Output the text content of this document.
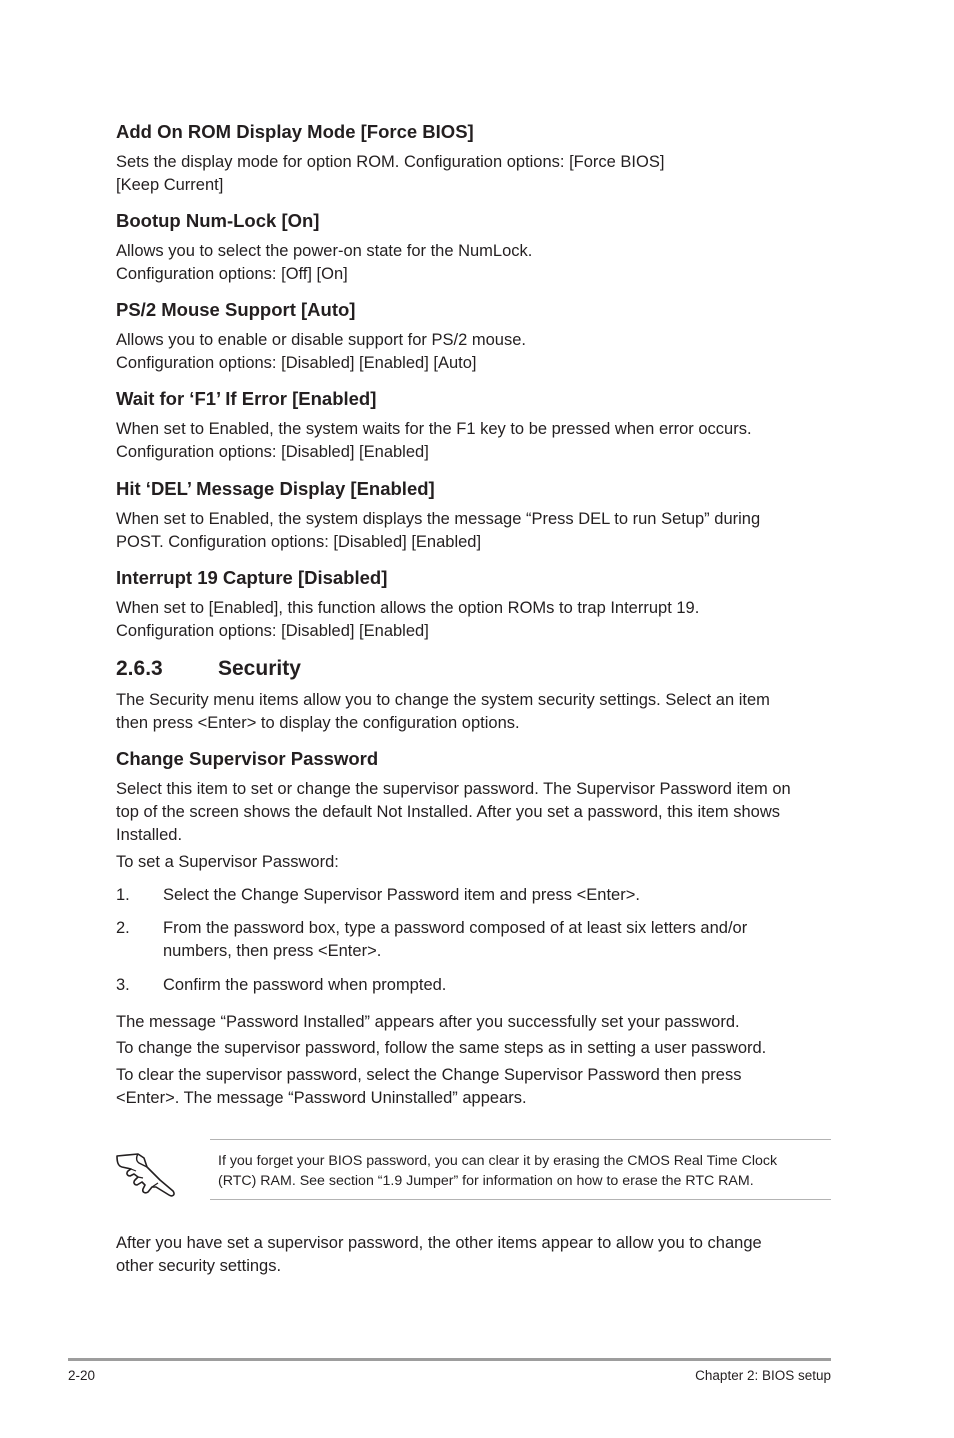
Add On ROM Display Mode [Force BIOS]
Sets the display mode for option ROM. Configuration options: [Force BIOS]
[Keep Current]
Bootup Num-Lock [On]
Allows you to select the power-on state for the NumLock.
Configuration options: [Off] [On]
PS/2 Mouse Support [Auto]
Allows you to enable or disable support for PS/2 mouse.
Configuration options: [Disabled] [Enabled] [Auto]
Wait for ‘F1’ If Error [Enabled]
When set to Enabled, the system waits for the F1 key to be pressed when error occurs.
Configuration options: [Disabled] [Enabled]
Hit ‘DEL’ Message Display [Enabled]
When set to Enabled, the system displays the message “Press DEL to run Setup” during
POST. Configuration options: [Disabled] [Enabled]
Interrupt 19 Capture [Disabled]
When set to [Enabled], this function allows the option ROMs to trap Interrupt 19.
Configuration options: [Disabled] [Enabled]
2.6.3	Security
The Security menu items allow you to change the system security settings. Select an item
then press <Enter> to display the configuration options.
Change Supervisor Password
Select this item to set or change the supervisor password. The Supervisor Password item on
top of the screen shows the default Not Installed. After you set a password, this item shows
Installed.
To set a Supervisor Password:
1. Select the Change Supervisor Password item and press <Enter>.
2. From the password box, type a password composed of at least six letters and/or
numbers, then press <Enter>.
3. Confirm the password when prompted.
The message “Password Installed” appears after you successfully set your password.
To change the supervisor password, follow the same steps as in setting a user password.
To clear the supervisor password, select the Change Supervisor Password then press
<Enter>. The message “Password Uninstalled” appears.
If you forget your BIOS password, you can clear it by erasing the CMOS Real Time Clock
(RTC) RAM. See section “1.9 Jumper” for information on how to erase the RTC RAM.
After you have set a supervisor password, the other items appear to allow you to change
other security settings.
2-20	Chapter 2: BIOS setup
